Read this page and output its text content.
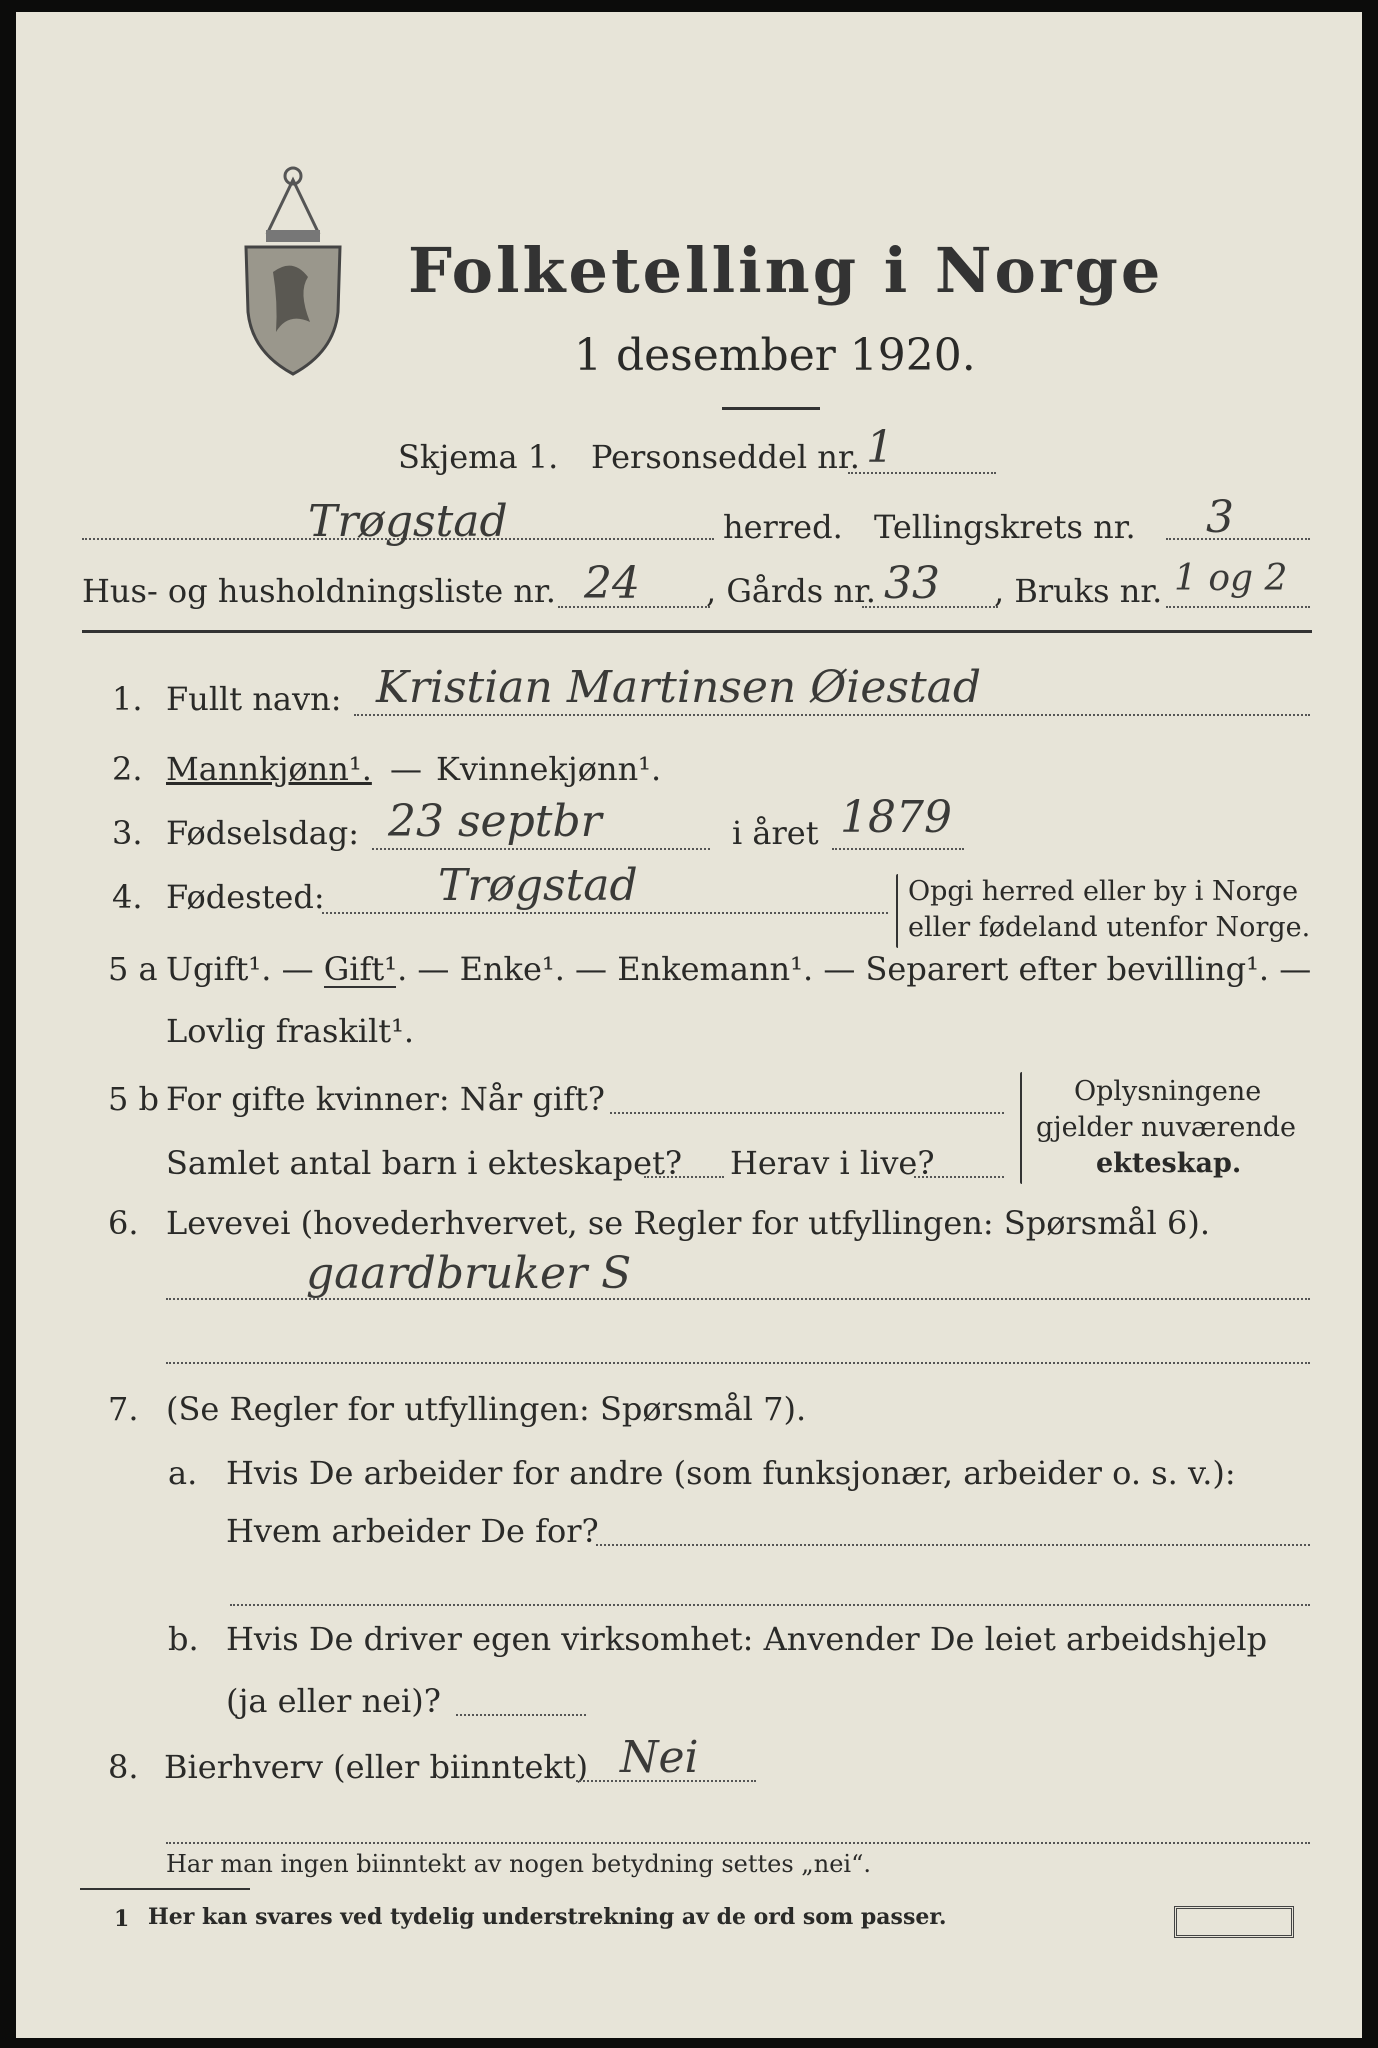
Folketelling i Norge
1 desember 1920.
Skjema 1. Personseddel nr. 1
Trøgstad	herred. Tellingskrets nr. 3
Hus- og husholdningsliste nr. 24 , Gårds nr. 33 , Bruks nr. 1 og 2
1. Fullt navn: Kristian Martinsen Øiestad
2. Mannkjønn¹. — Kvinnekjønn¹.
3. Fødselsdag: 23 septbr	i året 1879
4. Fødested:	Trøgstad	Opgi herred eller by i Norge
eller fødeland utenfor Norge.
5 a Ugift¹. — Gift¹. — Enke¹. — Enkemann¹. — Separert efter bevilling¹. —
Lovlig fraskilt¹.
5 b For gifte kvinner: Når gift?
Samlet antal barn i ekteskapet? Herav i live?
Oplysningene
gjelder nuværende
ekteskap.
6. Levevei (hovederhvervet, se Regler for utfyllingen: Spørsmål 6).
gaardbruker S
7. (Se Regler for utfyllingen: Spørsmål 7).
a. Hvis De arbeider for andre (som funksjonær, arbeider o. s. v.):
Hvem arbeider De for?
b. Hvis De driver egen virksomhet: Anvender De leiet arbeidshjelp
(ja eller nei)?
8. Bierhverv (eller biinntekt) Nei
Har man ingen biinntekt av nogen betydning settes „nei“.
1 Her kan svares ved tydelig understrekning av de ord som passer.
